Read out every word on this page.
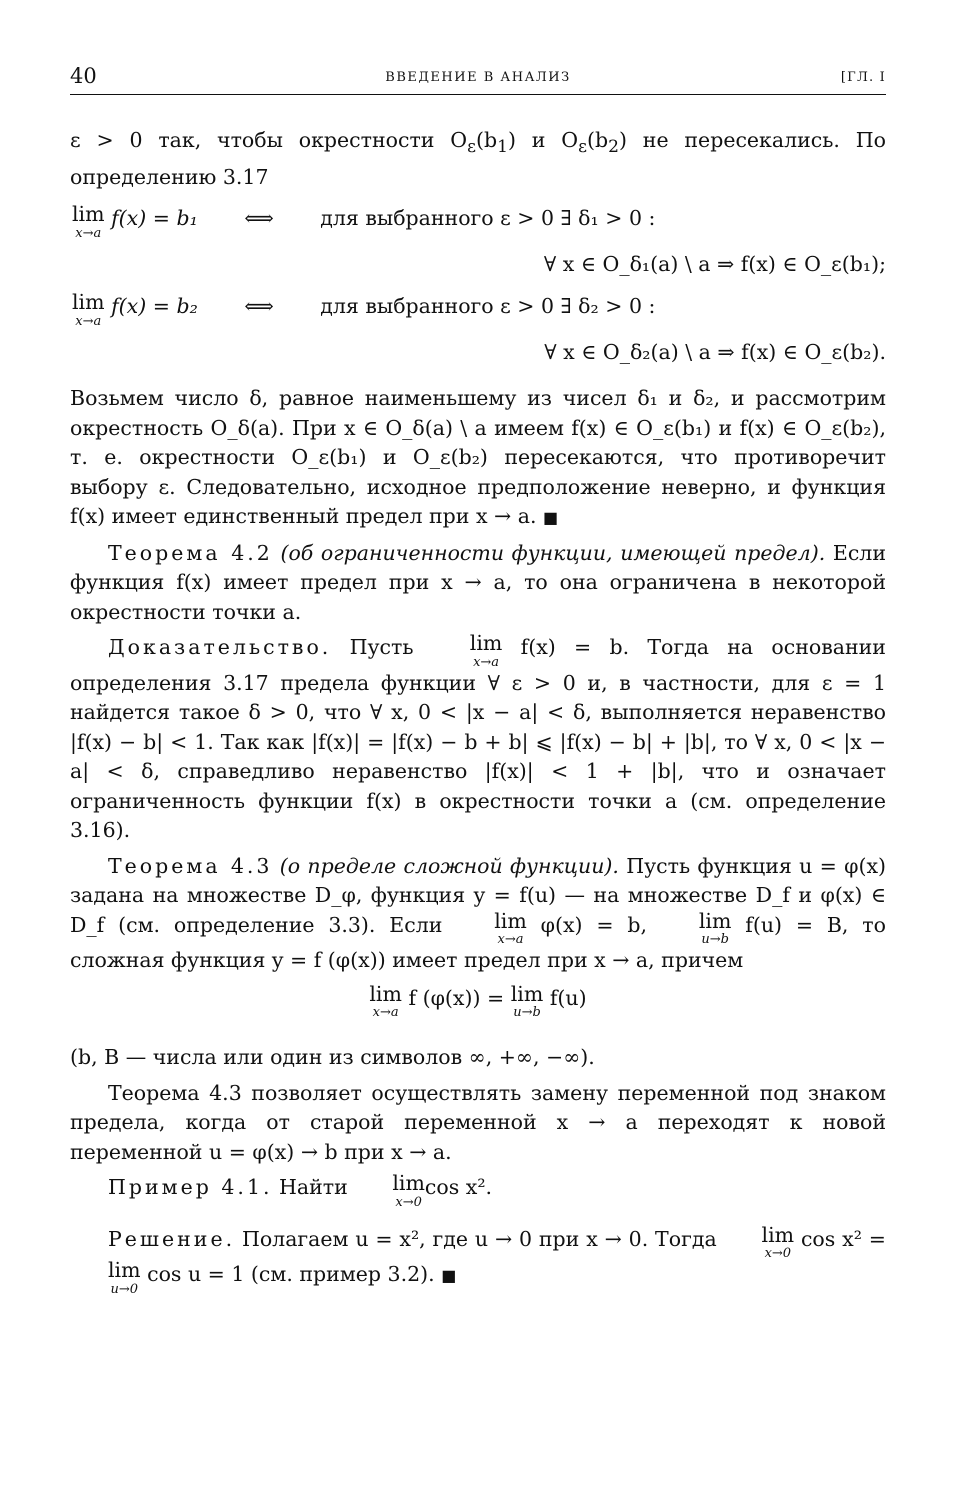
40	ВВЕДЕНИЕ В АНАЛИЗ	[ГЛ. I

ε > 0 так, чтобы окрестности $O_\varepsilon(b_1)$ и $O_\varepsilon(b_2)$ не пересекались. По определению 3.17

lim
x→a
f(x) = b₁ ⟺ для выбранного ε > 0 ∃ δ₁ > 0 :
∀ x ∈ O_δ₁(a) \ a ⇒ f(x) ∈ O_ε(b₁);
lim
x→a
f(x) = b₂ ⟺ для выбранного ε > 0 ∃ δ₂ > 0 :
∀ x ∈ O_δ₂(a) \ a ⇒ f(x) ∈ O_ε(b₂).

Возьмем число δ, равное наименьшему из чисел δ₁ и δ₂, и рассмотрим окрестность O_δ(a). При x ∈ O_δ(a) \ a имеем f(x) ∈ O_ε(b₁) и f(x) ∈ O_ε(b₂), т. е. окрестности O_ε(b₁) и O_ε(b₂) пересекаются, что противоречит выбору ε. Следовательно, исходное предположение неверно, и функция f(x) имеет единственный предел при x → a. ■

Теорема 4.2 (об ограниченности функции, имеющей предел). Если функция f(x) имеет предел при x → a, то она ограничена в некоторой окрестности точки a.

Доказательство. Пусть	lim
x→a
f(x) = b. Тогда на основании определения 3.17 предела функции ∀ ε > 0 и, в частности, для ε = 1 найдется такое δ > 0, что ∀ x, 0 < |x − a| < δ, выполняется неравенство |f(x) − b| < 1. Так как |f(x)| = |f(x) − b + b| ⩽ |f(x) − b| + |b|, то ∀ x, 0 < |x − a| < δ, справедливо неравенство |f(x)| < 1 + |b|, что и означает ограниченность функции f(x) в окрестности точки a (см. определение 3.16).

Теорема 4.3 (о пределе сложной функции). Пусть функция u = φ(x) задана на множестве D_φ, функция y = f(u) — на множестве D_f и φ(x) ∈ D_f (см. определение 3.3). Если	lim
x→a
φ(x) = b,	lim
u→b
f(u) = B, то сложная функция y = f (φ(x)) имеет предел при x → a, причем

lim
x→a
f (φ(x)) = lim
u→b
f(u)

(b, B — числа или один из символов ∞, +∞, −∞).

Теорема 4.3 позволяет осуществлять замену переменной под знаком предела, когда от старой переменной x → a переходят к новой переменной u = φ(x) → b при x → a.

Пример 4.1. Найти	lim
x→0
cos x².

Решение. Полагаем u = x², где u → 0 при x → 0. Тогда	lim
x→0
cos x² =
lim
u→0
cos u = 1 (см. пример 3.2). ■
